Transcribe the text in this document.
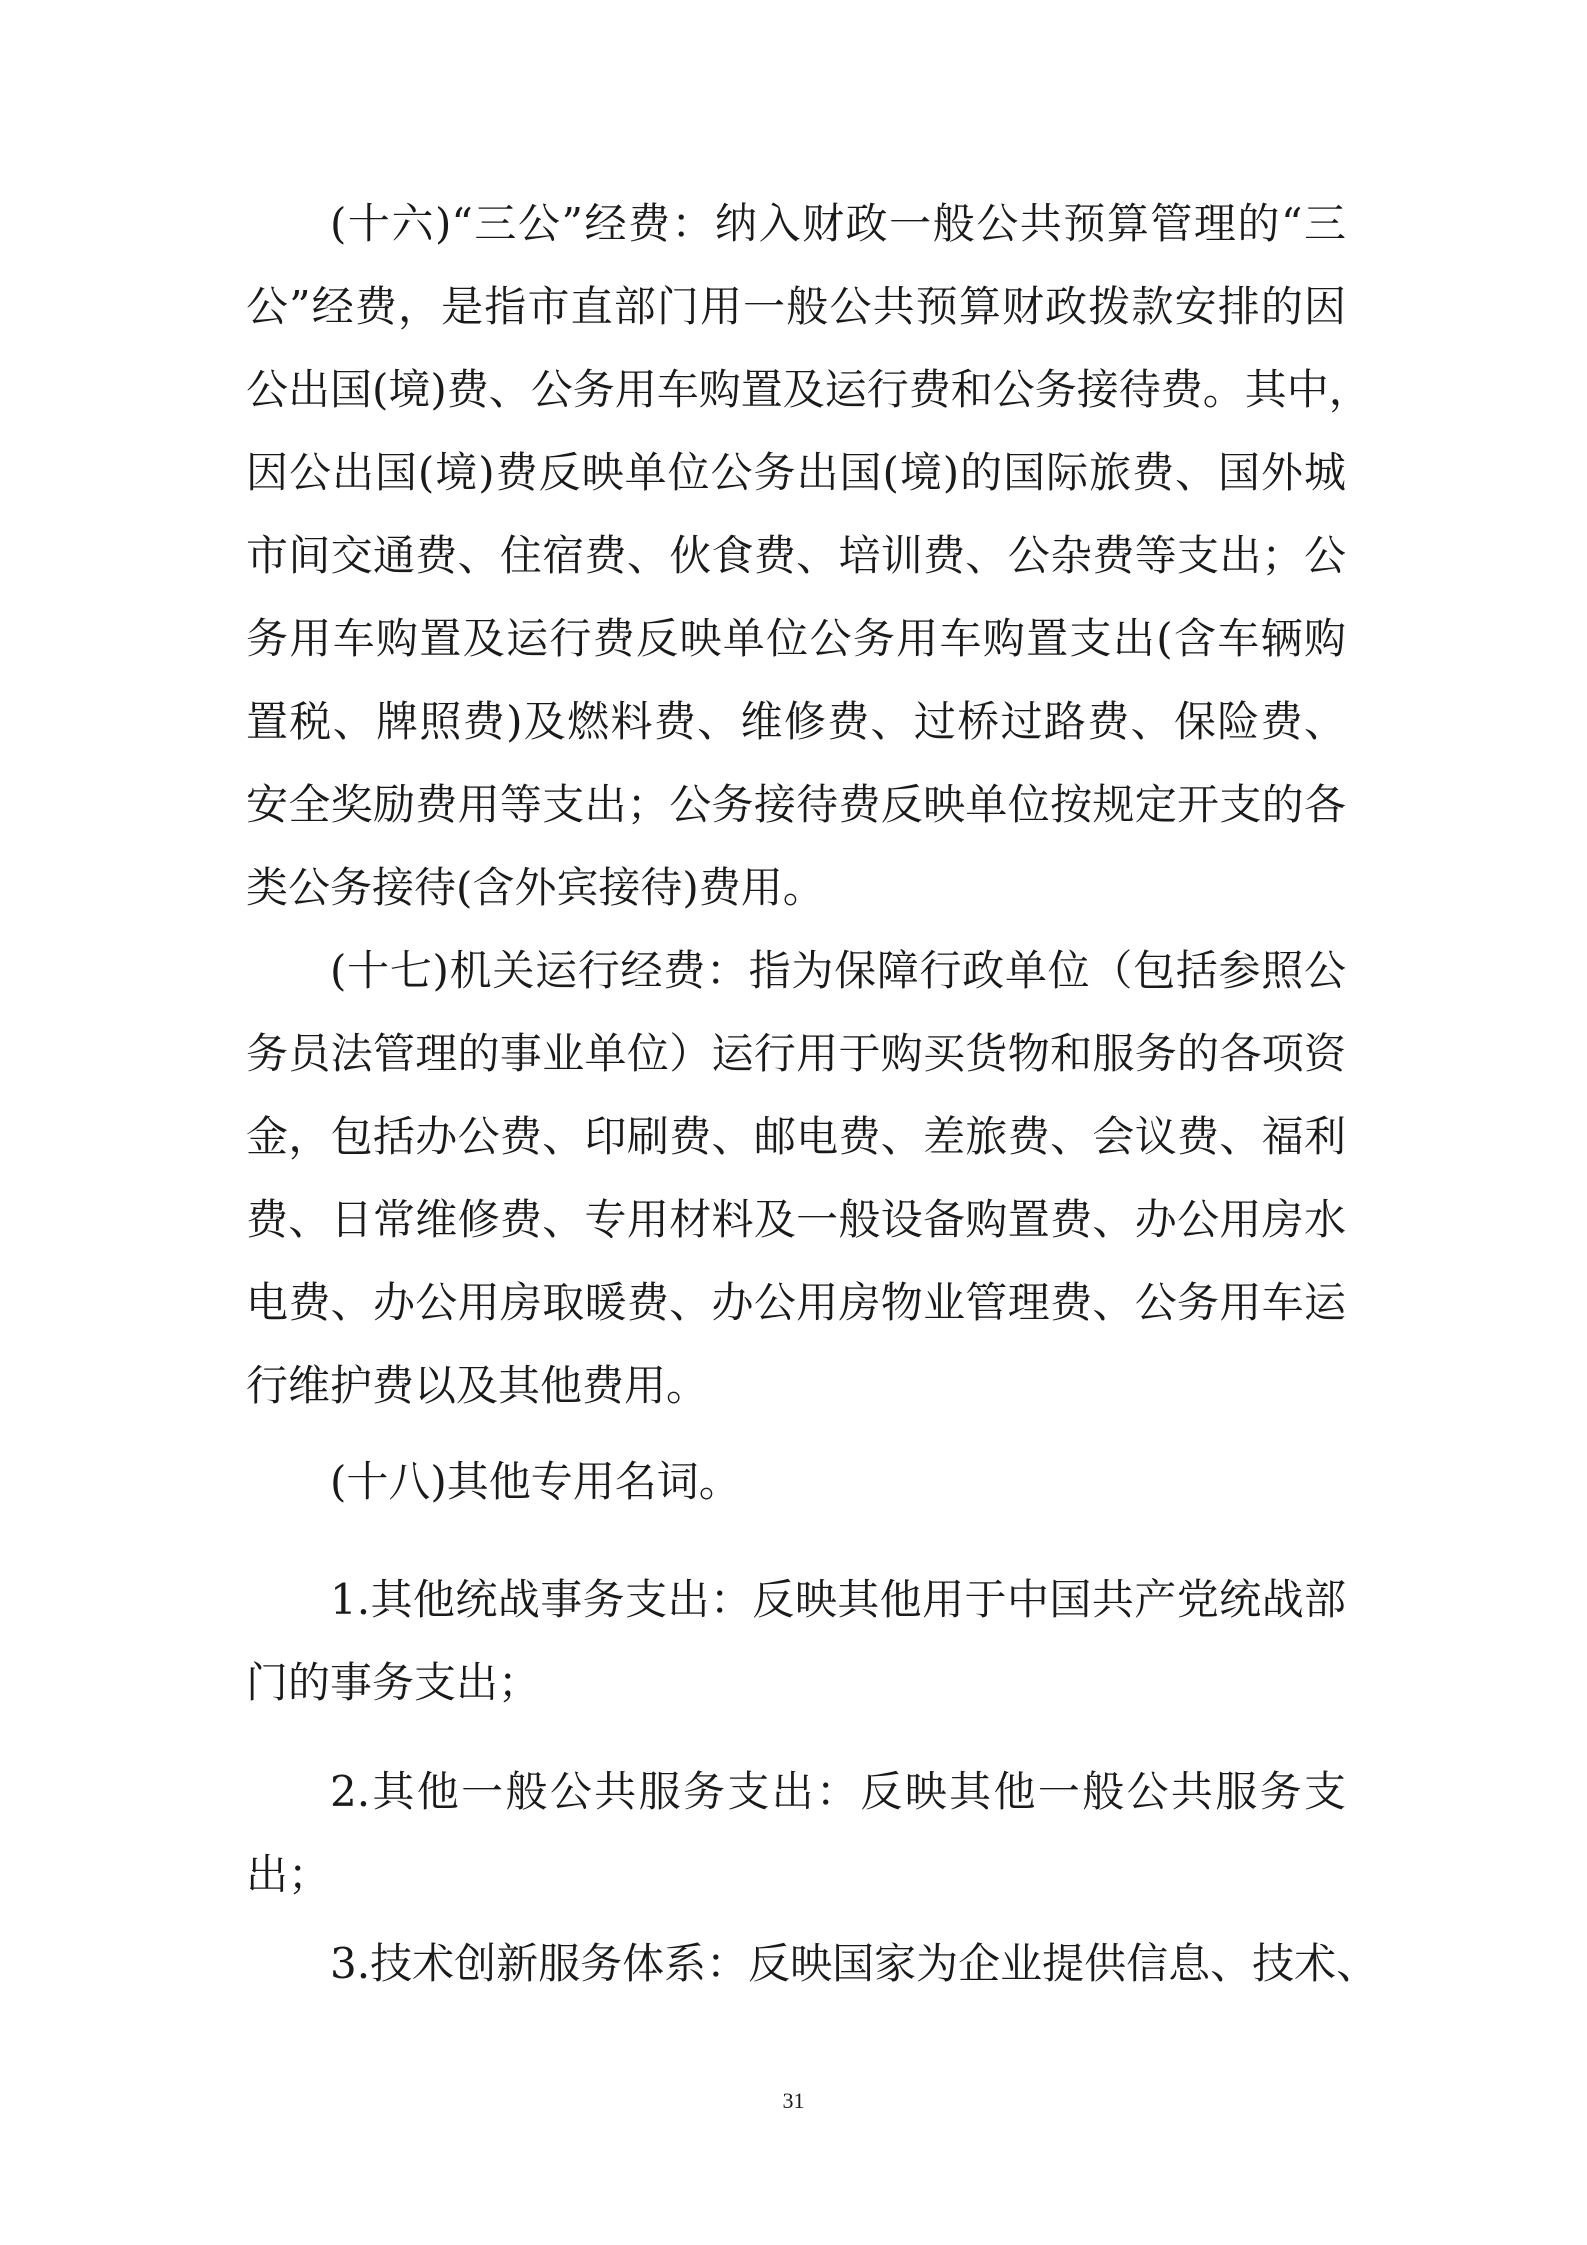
(十六)“三公”经费：纳入财政一般公共预算管理的“三
公”经费，是指市直部门用一般公共预算财政拨款安排的因
公出国(境)费、公务用车购置及运行费和公务接待费。其中，
因公出国(境)费反映单位公务出国(境)的国际旅费、国外城
市间交通费、住宿费、伙食费、培训费、公杂费等支出；公
务用车购置及运行费反映单位公务用车购置支出(含车辆购
置税、牌照费)及燃料费、维修费、过桥过路费、保险费、
安全奖励费用等支出；公务接待费反映单位按规定开支的各
类公务接待(含外宾接待)费用。
(十七)机关运行经费：指为保障行政单位（包括参照公
务员法管理的事业单位）运行用于购买货物和服务的各项资
金，包括办公费、印刷费、邮电费、差旅费、会议费、福利
费、日常维修费、专用材料及一般设备购置费、办公用房水
电费、办公用房取暖费、办公用房物业管理费、公务用车运
行维护费以及其他费用。
(十八)其他专用名词。
1.其他统战事务支出：反映其他用于中国共产党统战部
门的事务支出；
2.其他一般公共服务支出：反映其他一般公共服务支
出；
3.技术创新服务体系：反映国家为企业提供信息、技术、
31
